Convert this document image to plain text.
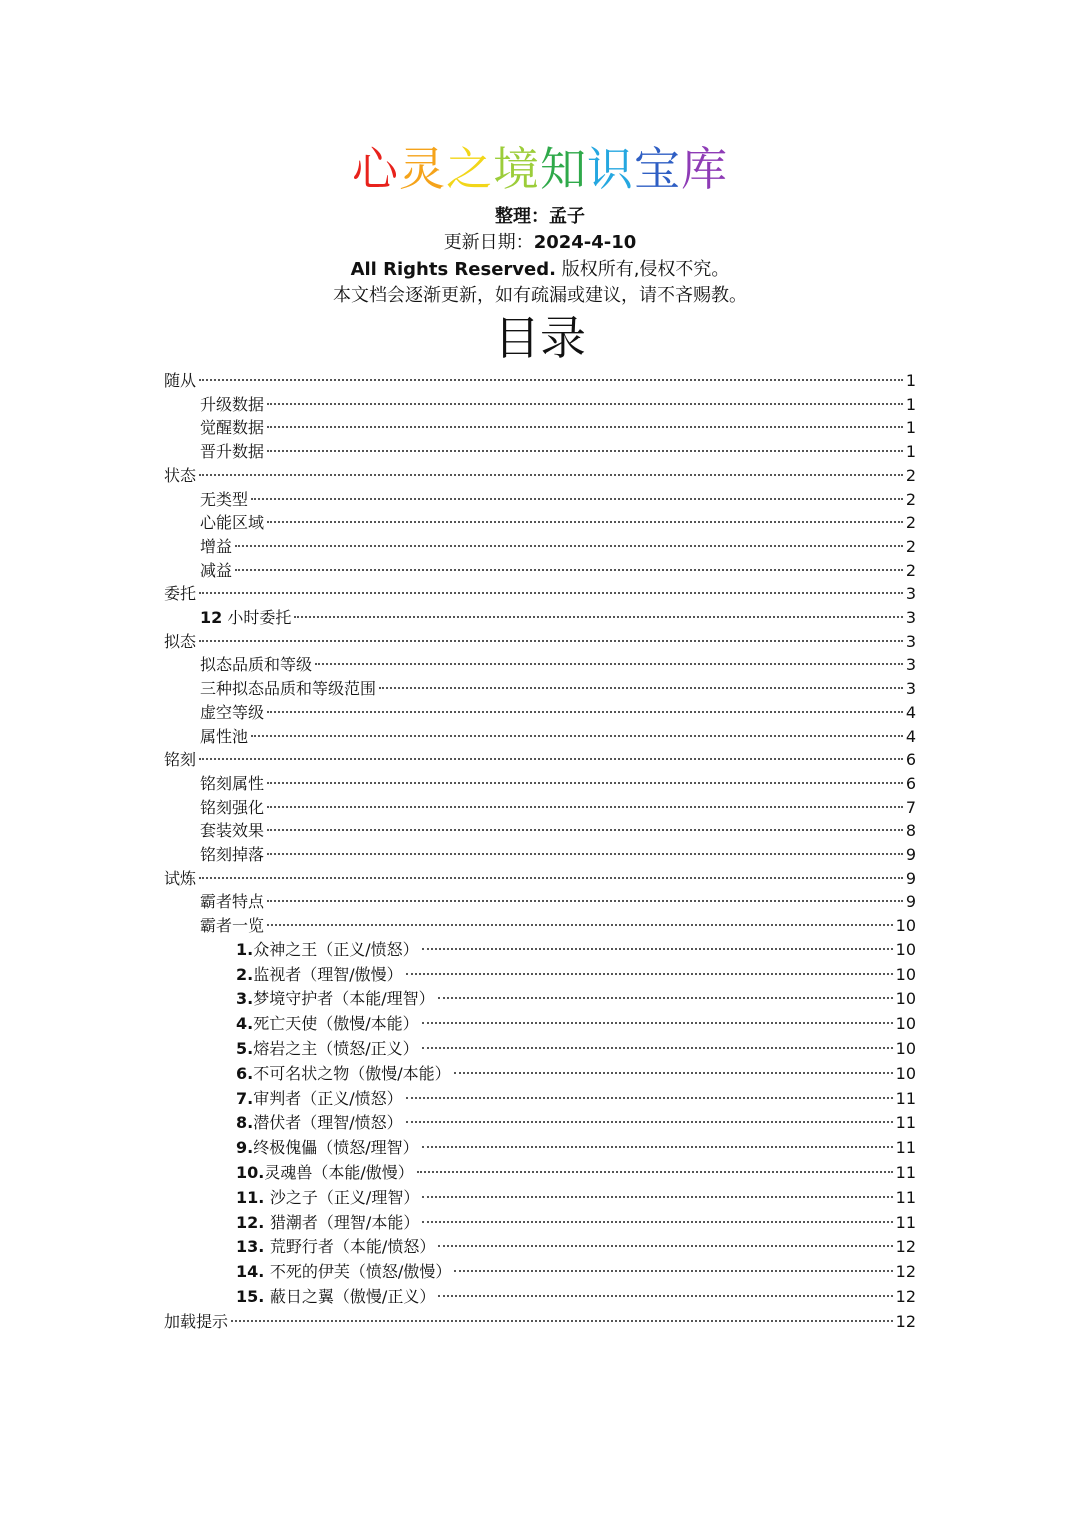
心灵之境知识宝库
整理：孟子
更新日期：2024-4-10
All Rights Reserved. 版权所有,侵权不究。
本文档会逐渐更新，如有疏漏或建议，请不吝赐教。
目录
随从	1
升级数据	1
觉醒数据	1
晋升数据	1
状态	2
无类型	2
心能区域	2
增益	2
减益	2
委托	3
12 小时委托	3
拟态	3
拟态品质和等级	3
三种拟态品质和等级范围	3
虚空等级	4
属性池	4
铭刻	6
铭刻属性	6
铭刻强化	7
套装效果	8
铭刻掉落	9
试炼	9
霸者特点	9
霸者一览	10
1.众神之王（正义/愤怒）	10
2.监视者（理智/傲慢）	10
3.梦境守护者（本能/理智）	10
4.死亡天使（傲慢/本能）	10
5.熔岩之主（愤怒/正义）	10
6.不可名状之物（傲慢/本能）	10
7.审判者（正义/愤怒）	11
8.潜伏者（理智/愤怒）	11
9.终极傀儡（愤怒/理智）	11
10.灵魂兽（本能/傲慢）	11
11. 沙之子（正义/理智）	11
12. 猎潮者（理智/本能）	11
13. 荒野行者（本能/愤怒）	12
14. 不死的伊芙（愤怒/傲慢）	12
15. 蔽日之翼（傲慢/正义）	12
加载提示	12
